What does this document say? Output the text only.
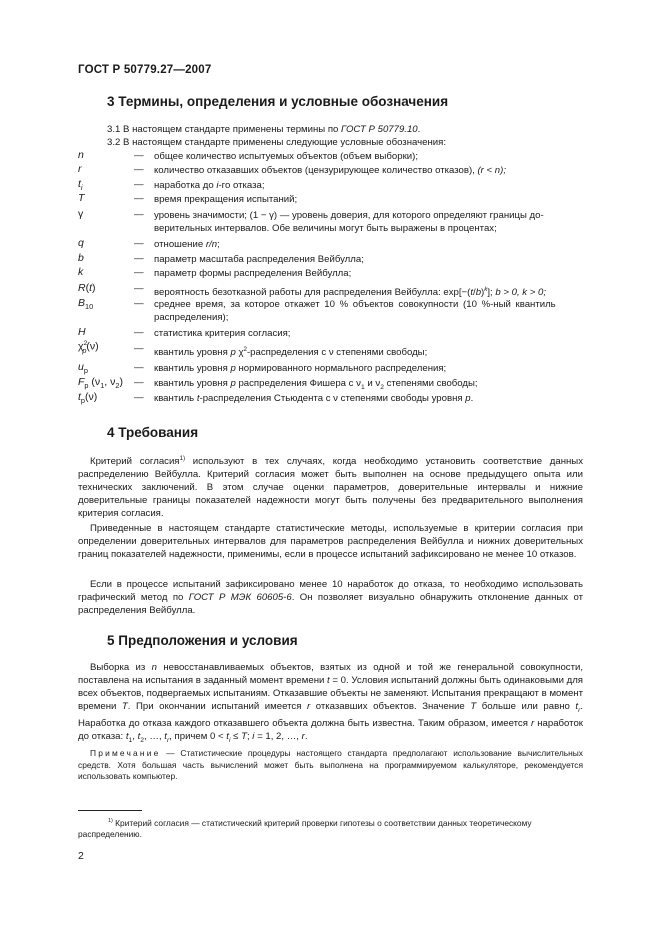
ГОСТ Р 50779.27—2007
3 Термины, определения и условные обозначения
3.1 В настоящем стандарте применены термины по ГОСТ Р 50779.10.
3.2 В настоящем стандарте применены следующие условные обозначения:
n	— общее количество испытуемых объектов (объем выборки);
r	— количество отказавших объектов (цензурирующее количество отказов), (r < n);
$t_i$	— наработка до i-го отказа;
T	— время прекращения испытаний;
γ	— уровень значимости; (1 − γ) — уровень доверия, для которого определяют границы до-
верительных интервалов. Обе величины могут быть выражены в процентах;
q	— отношение r/n;
b	— параметр масштаба распределения Вейбулла;
k	— параметр формы распределения Вейбулла;
R(t)	— вероятность безотказной работы для распределения Вейбулла: $\exp[-(t/b)^k]$; b > 0, k > 0;
$B_{10}$	— среднее время, за которое откажет 10 % объектов совокупности (10 %-ный квантиль
распределения);
H	— статистика критерия согласия;
$\chi^2_p(\nu)$	— квантиль уровня p $\chi^2$-распределения с ν степенями свободы;
$u_p$	— квантиль уровня p нормированного нормального распределения;
$F_p$ ($\nu_1$, $\nu_2$) — квантиль уровня p распределения Фишера с $\nu_1$ и $\nu_2$ степенями свободы;
$t_p(\nu)$	— квантиль t-распределения Стьюдента с ν степенями свободы уровня p.
4 Требования
Критерий согласия$^{1)}$ используют в тех случаях, когда необходимо установить соответствие данных распределению Вейбулла. Критерий согласия может быть выполнен на основе предыдущего опыта или технических заключений. В этом случае оценки параметров, доверительные интервалы и нижние доверительные границы показателей надежности могут быть получены без предварительного выполнения критерия согласия.
Приведенные в настоящем стандарте статистические методы, используемые в критерии согласия при определении доверительных интервалов для параметров распределения Вейбулла и нижних доверительных границ показателей надежности, применимы, если в процессе испытаний зафиксировано не менее 10 отказов.
Если в процессе испытаний зафиксировано менее 10 наработок до отказа, то необходимо использовать графический метод по ГОСТ Р МЭК 60605-6. Он позволяет визуально обнаружить отклонение данных от распределения Вейбулла.
5 Предположения и условия
Выборка из n невосстанавливаемых объектов, взятых из одной и той же генеральной совокупности, поставлена на испытания в заданный момент времени t = 0. Условия испытаний должны быть одинаковыми для всех объектов, подвергаемых испытаниям. Отказавшие объекты не заменяют. Испытания прекращают в момент времени T. При окончании испытаний имеется r отказавших объектов. Значение T больше или равно $t_r$. Наработка до отказа каждого отказавшего объекта должна быть известна. Таким образом, имеется r наработок до отказа: $t_1$, $t_2$, …, $t_r$, причем $0 < t_i \le T$; i = 1, 2, …, r.
Примечание — Статистические процедуры настоящего стандарта предполагают использование вычислительных средств. Хотя большая часть вычислений может быть выполнена на программируемом калькуляторе, рекомендуется использовать компьютер.
$^{1)}$ Критерий согласия — статистический критерий проверки гипотезы о соответствии данных теоретическому распределению.
2
